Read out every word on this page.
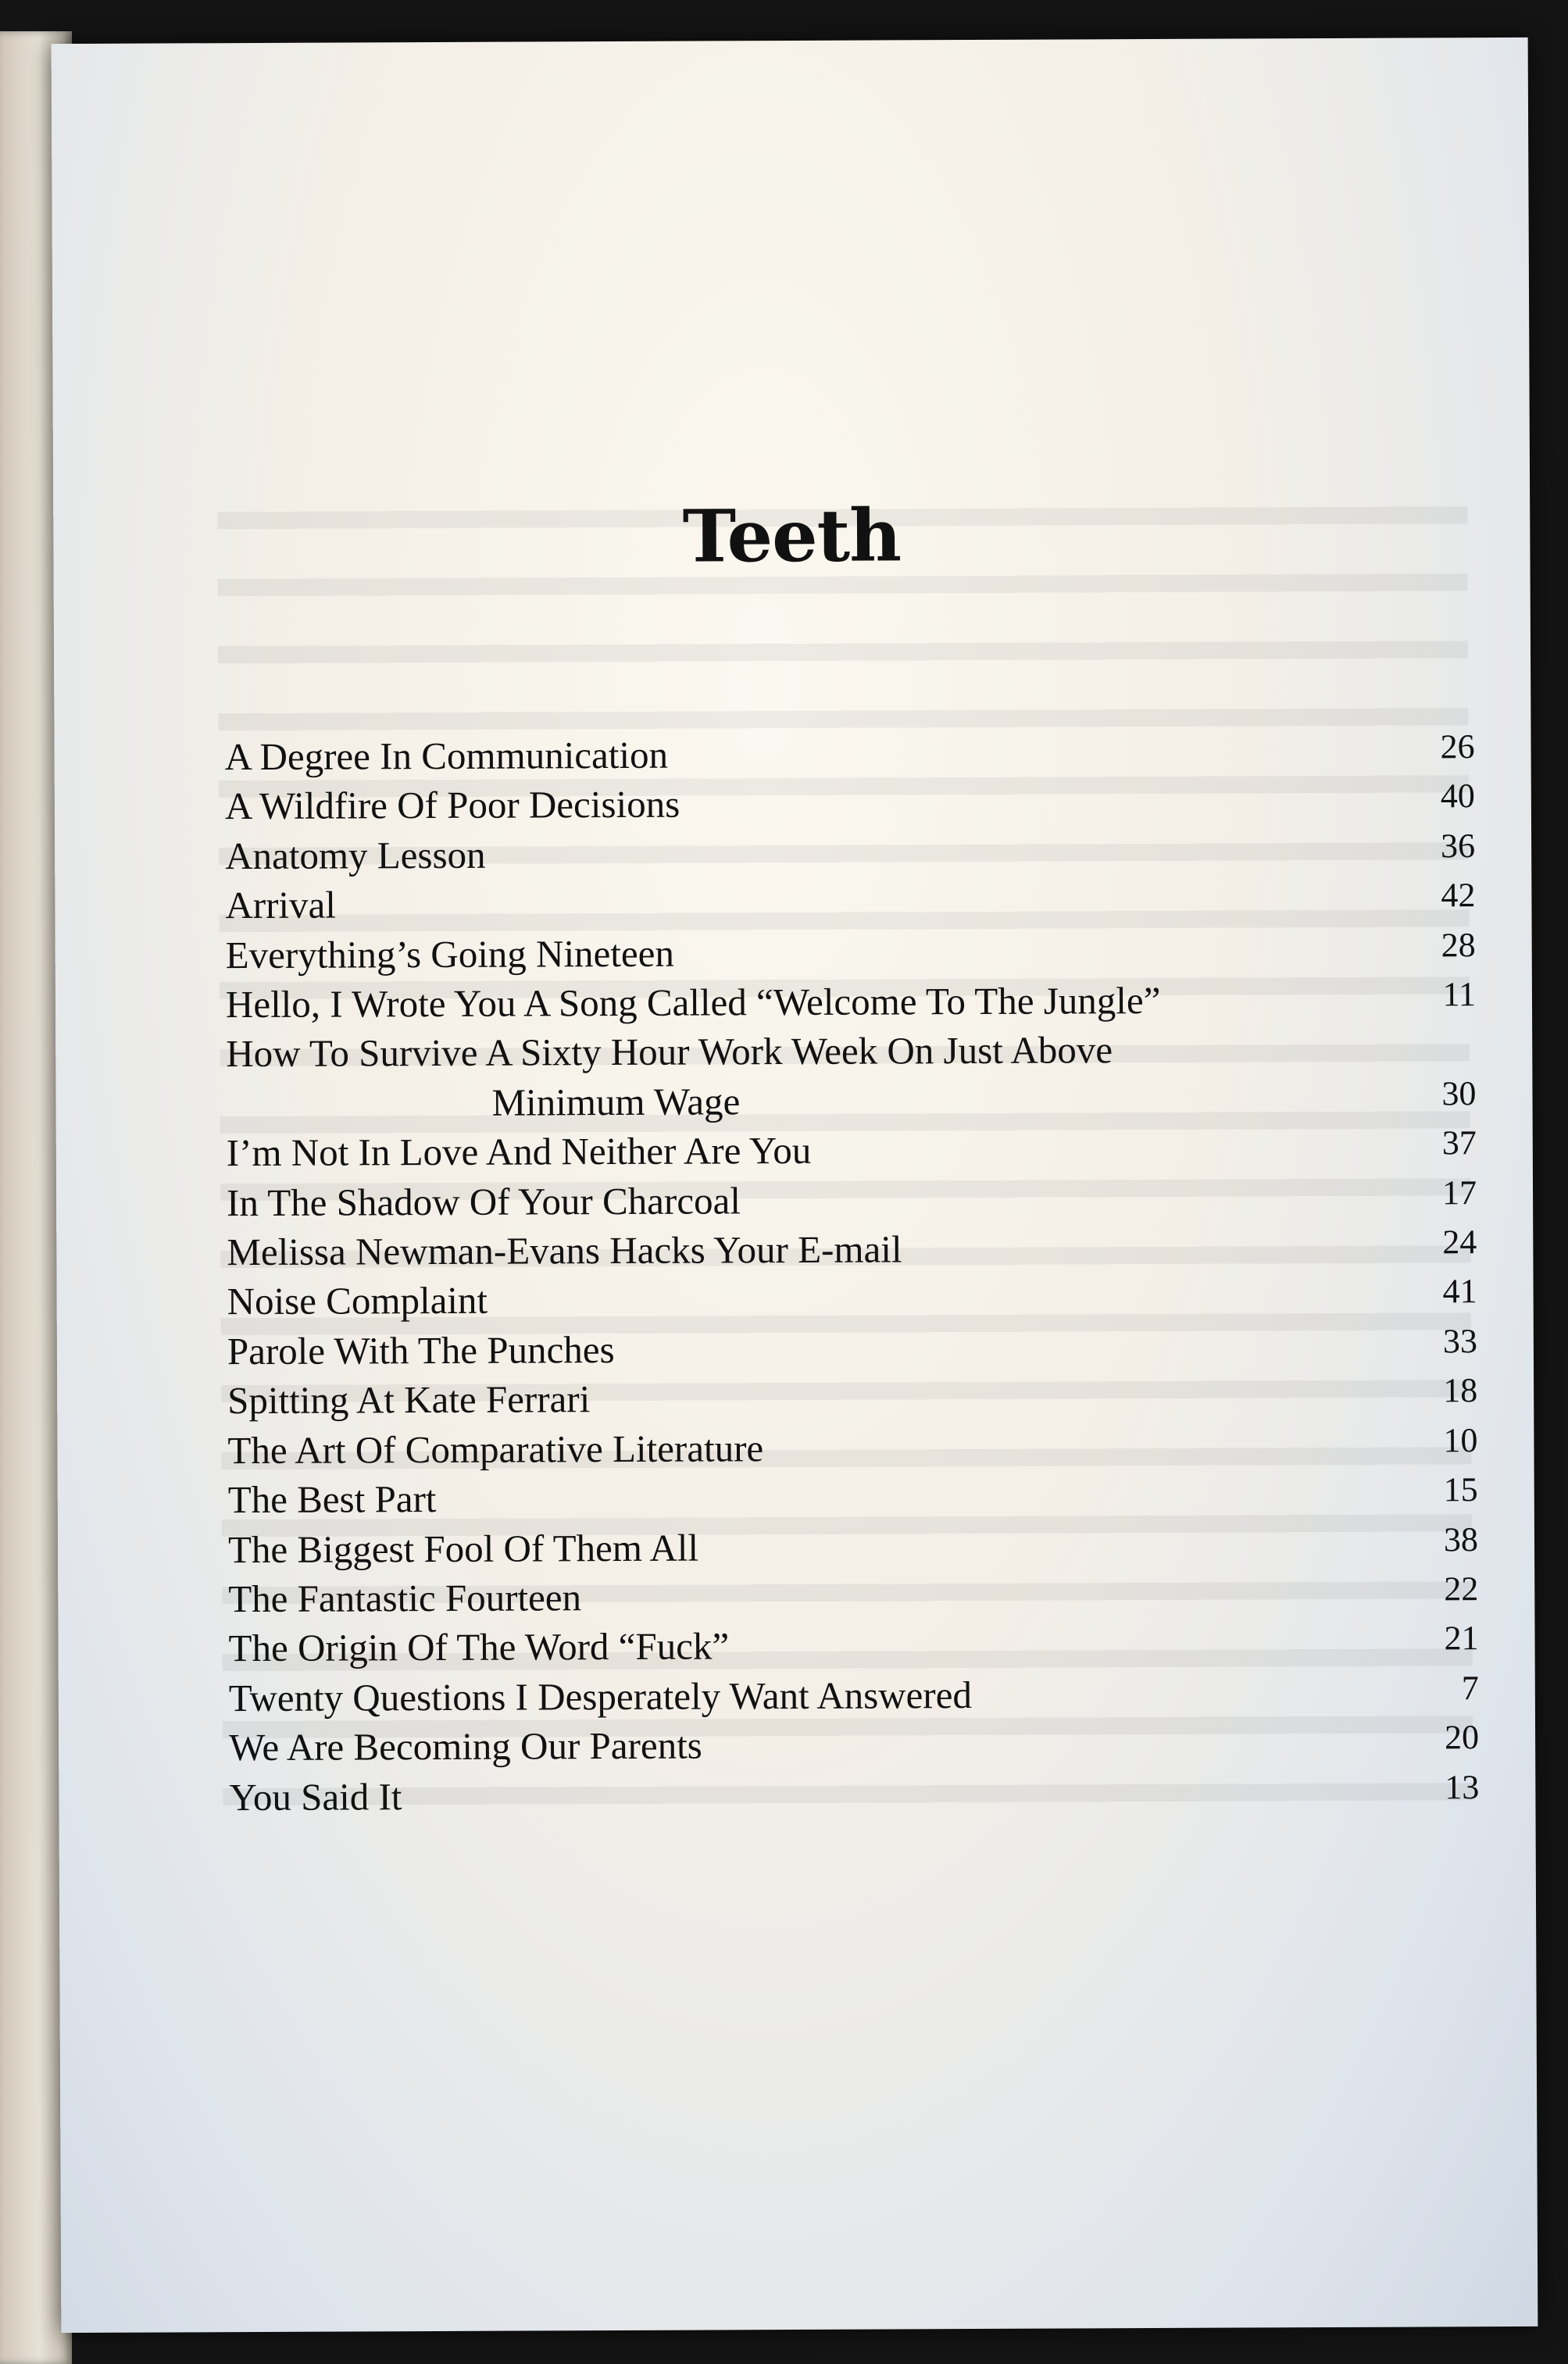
Teeth
A Degree In Communication	26
A Wildfire Of Poor Decisions	40
Anatomy Lesson	36
Arrival	42
Everything’s Going Nineteen	28
Hello, I Wrote You A Song Called “Welcome To The Jungle”	11
How To Survive A Sixty Hour Work Week On Just Above
Minimum Wage	30
I’m Not In Love And Neither Are You	37
In The Shadow Of Your Charcoal	17
Melissa Newman-Evans Hacks Your E-mail	24
Noise Complaint	41
Parole With The Punches	33
Spitting At Kate Ferrari	18
The Art Of Comparative Literature	10
The Best Part	15
The Biggest Fool Of Them All	38
The Fantastic Fourteen	22
The Origin Of The Word “Fuck”	21
Twenty Questions I Desperately Want Answered	7
We Are Becoming Our Parents	20
You Said It	13
